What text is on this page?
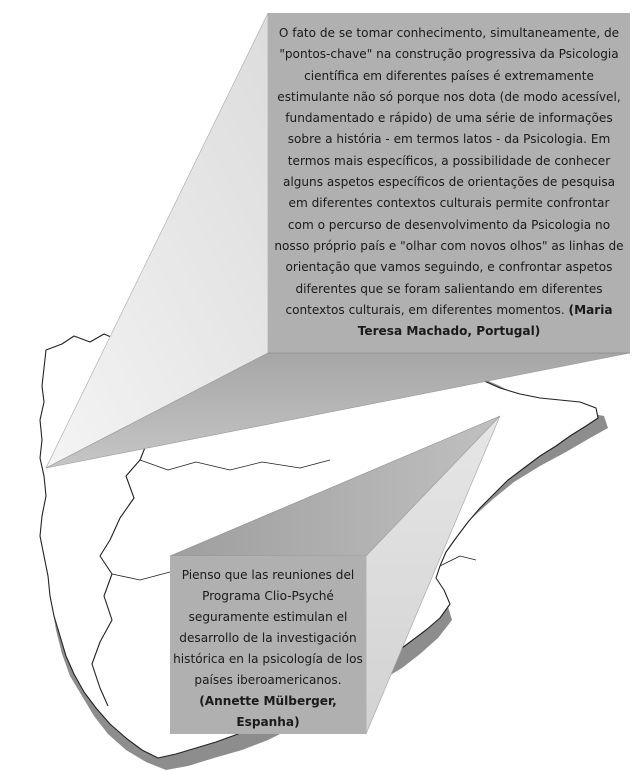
O fato de se tomar conhecimento, simultaneamente, de "pontos-chave" na construção progressiva da Psicologia científica em diferentes países é extremamente estimulante não só porque nos dota (de modo acessível, fundamentado e rápido) de uma série de informações sobre a história - em termos latos - da Psicologia. Em termos mais específicos, a possibilidade de conhecer alguns aspetos específicos de orientações de pesquisa em diferentes contextos culturais permite confrontar com o percurso de desenvolvimento da Psicologia no nosso próprio país e "olhar com novos olhos" as linhas de orientação que vamos seguindo, e confrontar aspetos diferentes que se foram salientando em diferentes contextos culturais, em diferentes momentos. (Maria Teresa Machado, Portugal)

Pienso que las reuniones del Programa Clio-Psyché seguramente estimulan el desarrollo de la investigación histórica en la psicología de los países iberoamericanos. (Annette Mülberger, Espanha)
